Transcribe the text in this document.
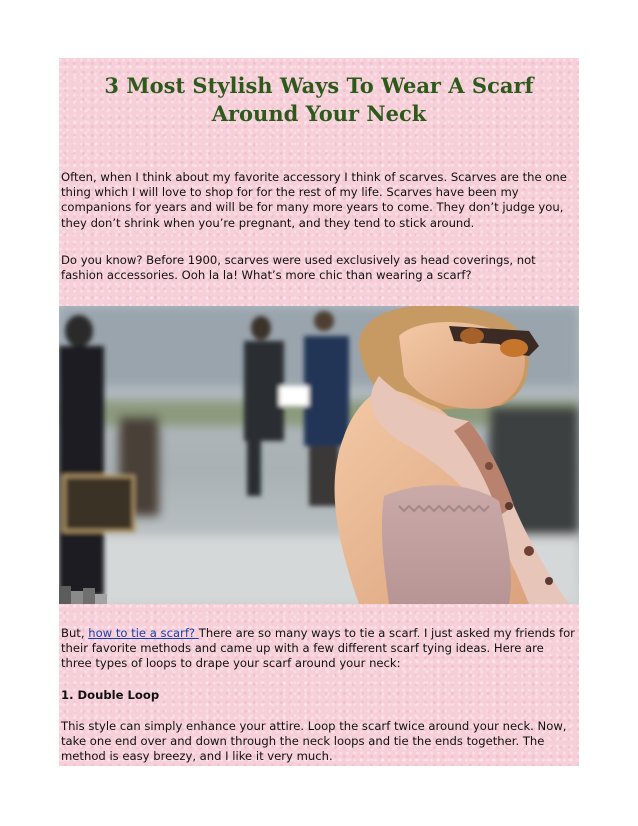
3 Most Stylish Ways To Wear A Scarf Around Your Neck

Often, when I think about my favorite accessory I think of scarves. Scarves are the one thing which I will love to shop for for the rest of my life. Scarves have been my companions for years and will be for many more years to come. They don’t judge you, they don’t shrink when you’re pregnant, and they tend to stick around.

Do you know? Before 1900, scarves were used exclusively as head coverings, not fashion accessories. Ooh la la! What’s more chic than wearing a scarf?

But, how to tie a scarf? There are so many ways to tie a scarf. I just asked my friends for their favorite methods and came up with a few different scarf tying ideas. Here are three types of loops to drape your scarf around your neck:

1. Double Loop

This style can simply enhance your attire. Loop the scarf twice around your neck. Now, take one end over and down through the neck loops and tie the ends together. The method is easy breezy, and I like it very much.
